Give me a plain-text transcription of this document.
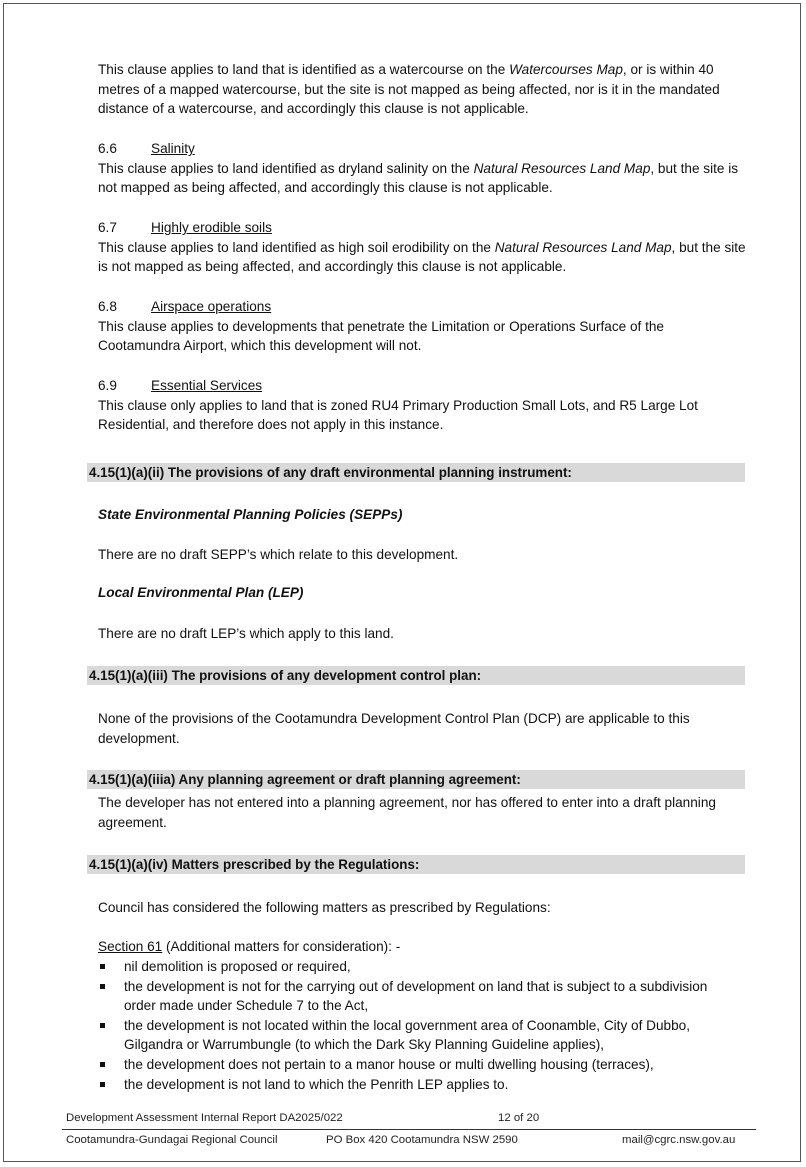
This clause applies to land that is identified as a watercourse on the Watercourses Map, or is within 40 metres of a mapped watercourse, but the site is not mapped as being affected, nor is it in the mandated distance of a watercourse, and accordingly this clause is not applicable.

6.6	Salinity

This clause applies to land identified as dryland salinity on the Natural Resources Land Map, but the site is not mapped as being affected, and accordingly this clause is not applicable.

6.7	Highly erodible soils

This clause applies to land identified as high soil erodibility on the Natural Resources Land Map, but the site is not mapped as being affected, and accordingly this clause is not applicable.

6.8	Airspace operations

This clause applies to developments that penetrate the Limitation or Operations Surface of the Cootamundra Airport, which this development will not.

6.9	Essential Services

This clause only applies to land that is zoned RU4 Primary Production Small Lots, and R5 Large Lot Residential, and therefore does not apply in this instance.

4.15(1)(a)(ii) The provisions of any draft environmental planning instrument:
State Environmental Planning Policies (SEPPs)

There are no draft SEPP’s which relate to this development.

Local Environmental Plan (LEP)

There are no draft LEP’s which apply to this land.

4.15(1)(a)(iii) The provisions of any development control plan:

None of the provisions of the Cootamundra Development Control Plan (DCP) are applicable to this development.

4.15(1)(a)(iiia) Any planning agreement or draft planning agreement:

The developer has not entered into a planning agreement, nor has offered to enter into a draft planning agreement.

4.15(1)(a)(iv) Matters prescribed by the Regulations:

Council has considered the following matters as prescribed by Regulations:

Section 61 (Additional matters for consideration): -

nil demolition is proposed or required,
the development is not for the carrying out of development on land that is subject to a subdivision order made under Schedule 7 to the Act,
the development is not located within the local government area of Coonamble, City of Dubbo, Gilgandra or Warrumbungle (to which the Dark Sky Planning Guideline applies),
the development does not pertain to a manor house or multi dwelling housing (terraces),
the development is not land to which the Penrith LEP applies to.
Development Assessment Internal Report DA2025/022	12 of 20
Cootamundra-Gundagai Regional Council	PO Box 420 Cootamundra NSW 2590	mail@cgrc.nsw.gov.au
